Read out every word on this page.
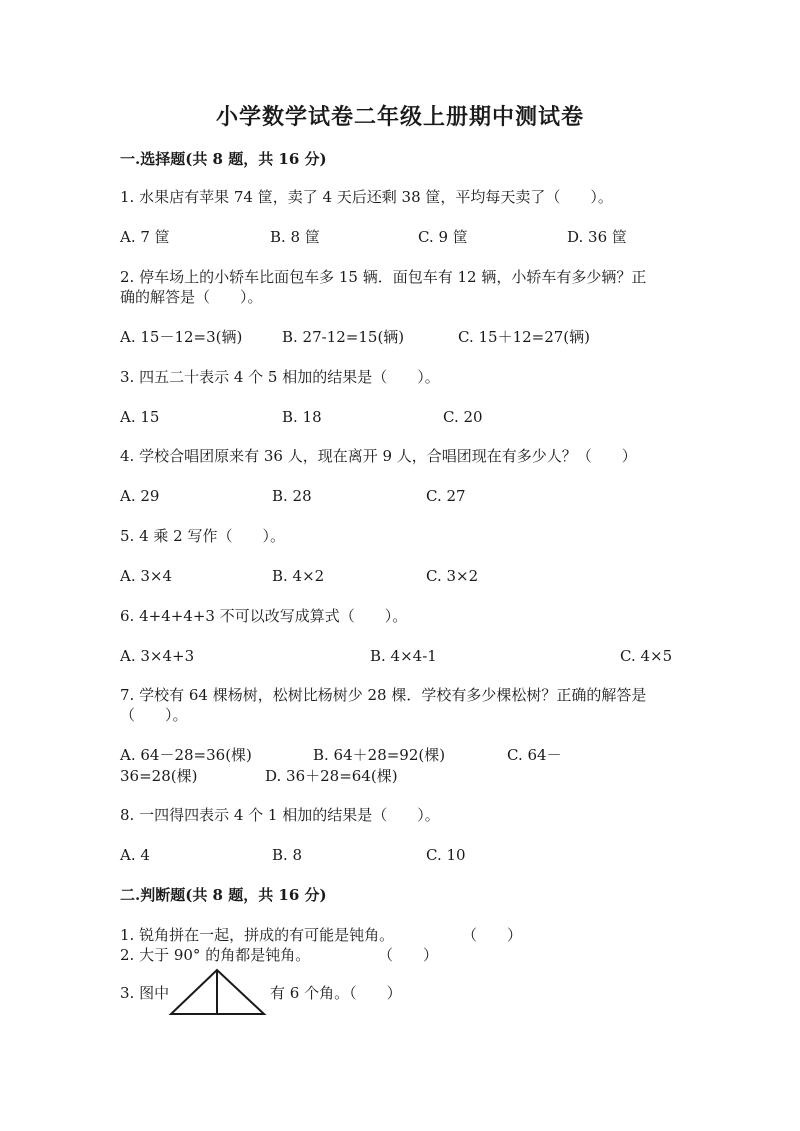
小学数学试卷二年级上册期中测试卷
一.选择题(共 8 题，共 16 分)
1. 水果店有苹果 74 筐，卖了 4 天后还剩 38 筐，平均每天卖了（　　）。
A. 7 筐	B. 8 筐	C. 9 筐	D. 36 筐
2. 停车场上的小轿车比面包车多 15 辆．面包车有 12 辆，小轿车有多少辆？正
确的解答是（　　）。
A. 15－12=3(辆)	B. 27-12=15(辆)	C. 15＋12=27(辆)
3. 四五二十表示 4 个 5 相加的结果是（　　）。
A. 15	B. 18	C. 20
4. 学校合唱团原来有 36 人，现在离开 9 人，合唱团现在有多少人？（　　）
A. 29	B. 28	C. 27
5. 4 乘 2 写作（　　）。
A. 3×4	B. 4×2	C. 3×2
6. 4+4+4+3 不可以改写成算式（　　）。
A. 3×4+3	B. 4×4-1	C. 4×5
7. 学校有 64 棵杨树，松树比杨树少 28 棵．学校有多少棵松树？正确的解答是
（　　）。
A. 64－28=36(棵)	B. 64＋28=92(棵)	C. 64－
36=28(棵)	D. 36＋28=64(棵)
8. 一四得四表示 4 个 1 相加的结果是（　　）。
A. 4	B. 8	C. 10
二.判断题(共 8 题，共 16 分)
1. 锐角拼在一起，拼成的有可能是钝角。	（　　）
2. 大于 90° 的角都是钝角。	（　　）
3. 图中	有 6 个角。（　　）
